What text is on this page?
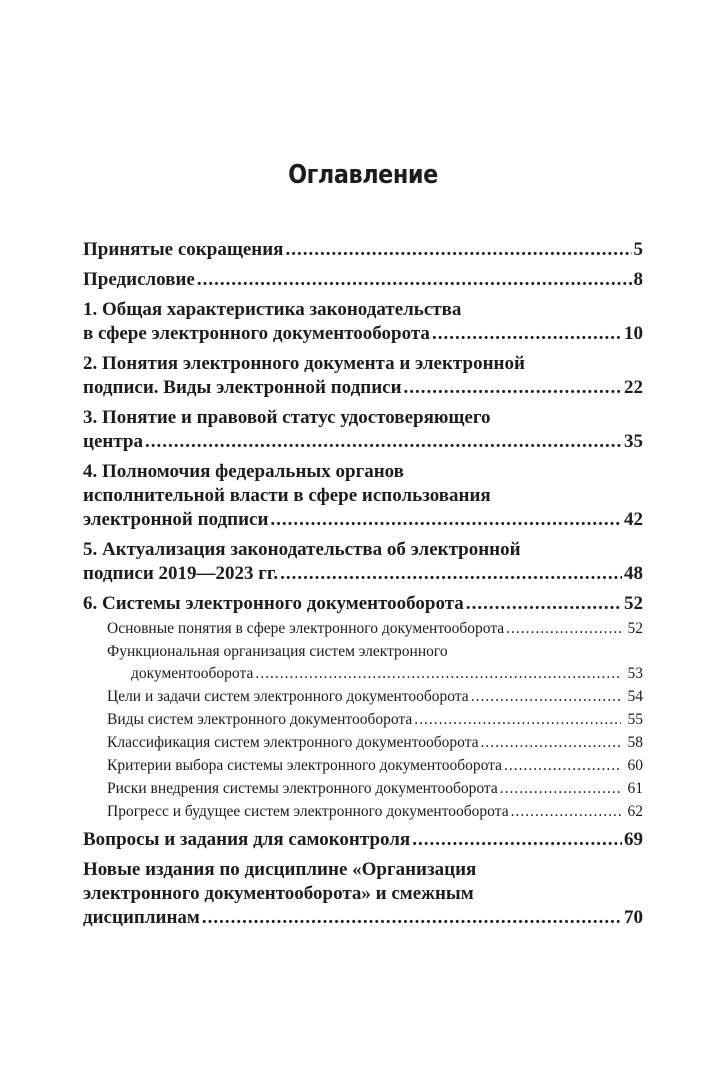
Оглавление
Принятые сокращения .....	5
Предисловие .....	8
1. Общая характеристика законодательства
в сфере электронного документооборота .....	10
2. Понятия электронного документа и электронной
подписи. Виды электронной подписи .....	22
3. Понятие и правовой статус удостоверяющего
центра .....	35
4. Полномочия федеральных органов
исполнительной власти в сфере использования
электронной подписи .....	42
5. Актуализация законодательства об электронной
подписи 2019—2023 гг. .....	48
6. Системы электронного документооборота .....	52
Основные понятия в сфере электронного документооборота .....	52
Функциональная организация систем электронного
документооборота .....	53
Цели и задачи систем электронного документооборота .....	54
Виды систем электронного документооборота .....	55
Классификация систем электронного документооборота .....	58
Критерии выбора системы электронного документооборота .....	60
Риски внедрения системы электронного документооборота .....	61
Прогресс и будущее систем электронного документооборота .....	62
Вопросы и задания для самоконтроля .....	69
Новые издания по дисциплине «Организация
электронного документооборота» и смежным
дисциплинам .....	70
